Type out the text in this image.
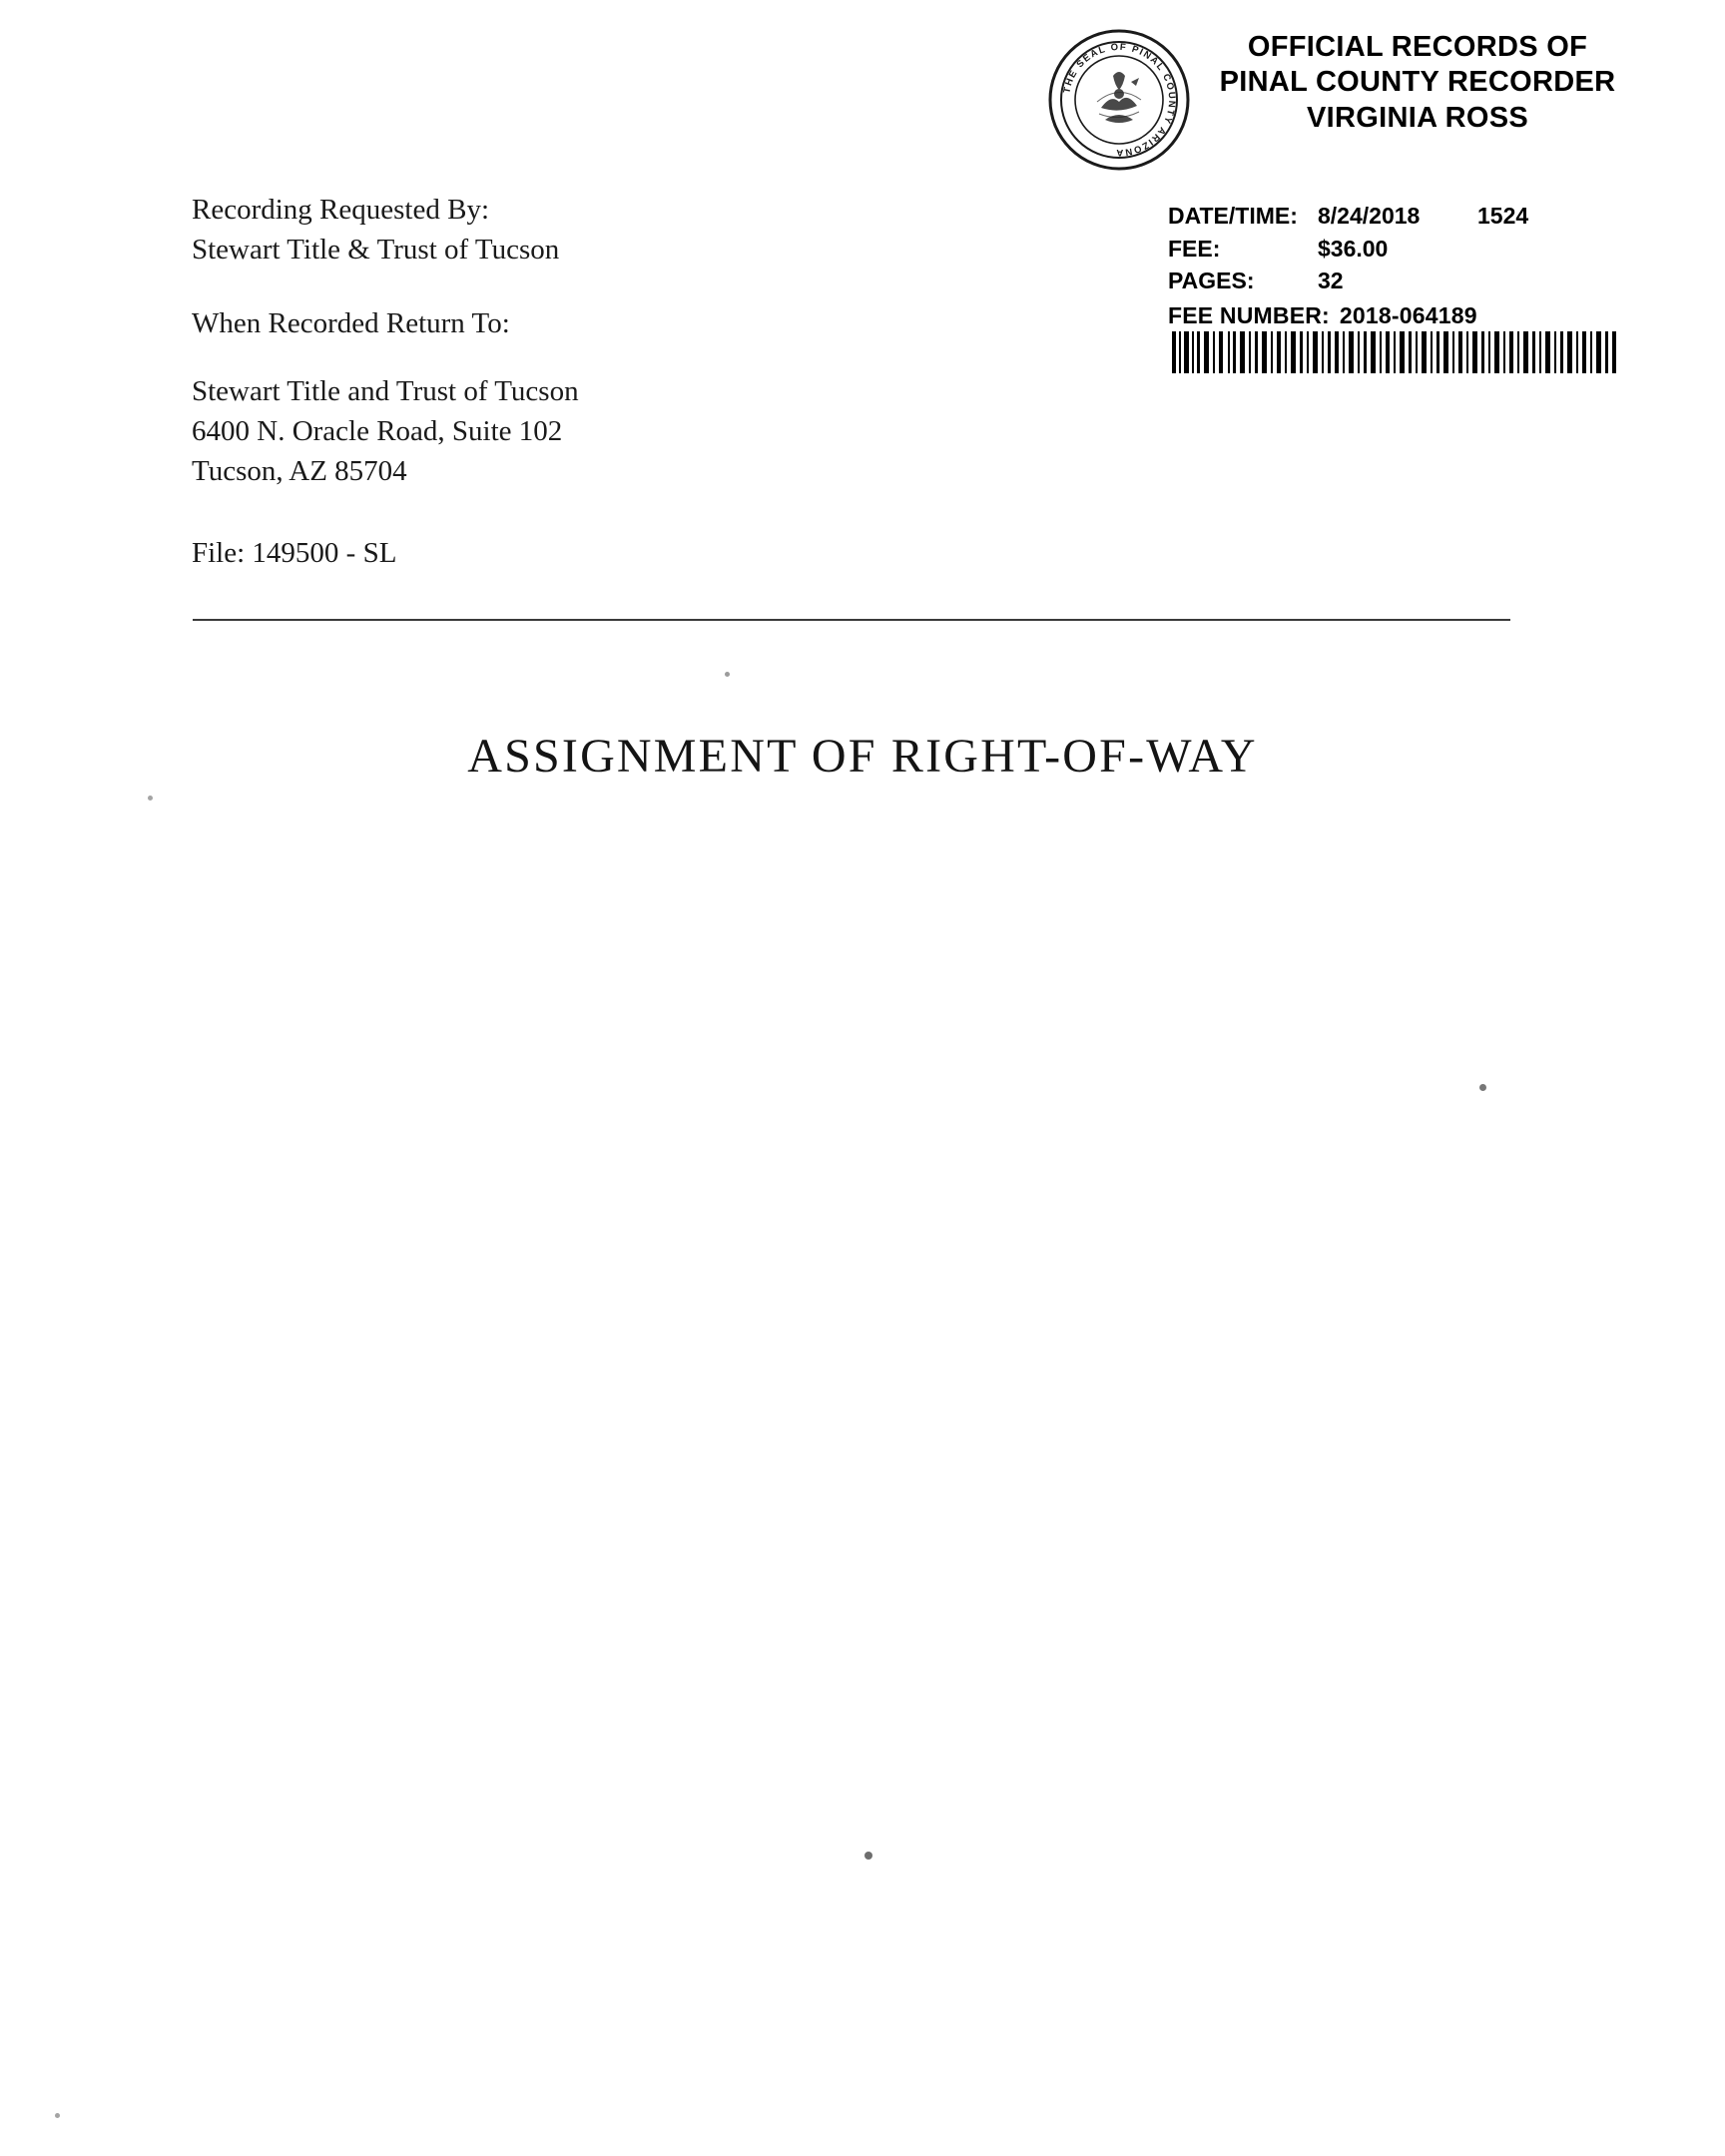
THE SEAL OF PINAL COUNTY ARIZONA
OFFICIAL RECORDS OF
PINAL COUNTY RECORDER
VIRGINIA ROSS
DATE/TIME: 8/24/2018	1524
FEE:	$36.00
PAGES:	32
FEE NUMBER: 2018-064189
Recording Requested By:
Stewart Title & Trust of Tucson
When Recorded Return To:
Stewart Title and Trust of Tucson
6400 N. Oracle Road, Suite 102
Tucson, AZ 85704
File: 149500 - SL
ASSIGNMENT OF RIGHT-OF-WAY
